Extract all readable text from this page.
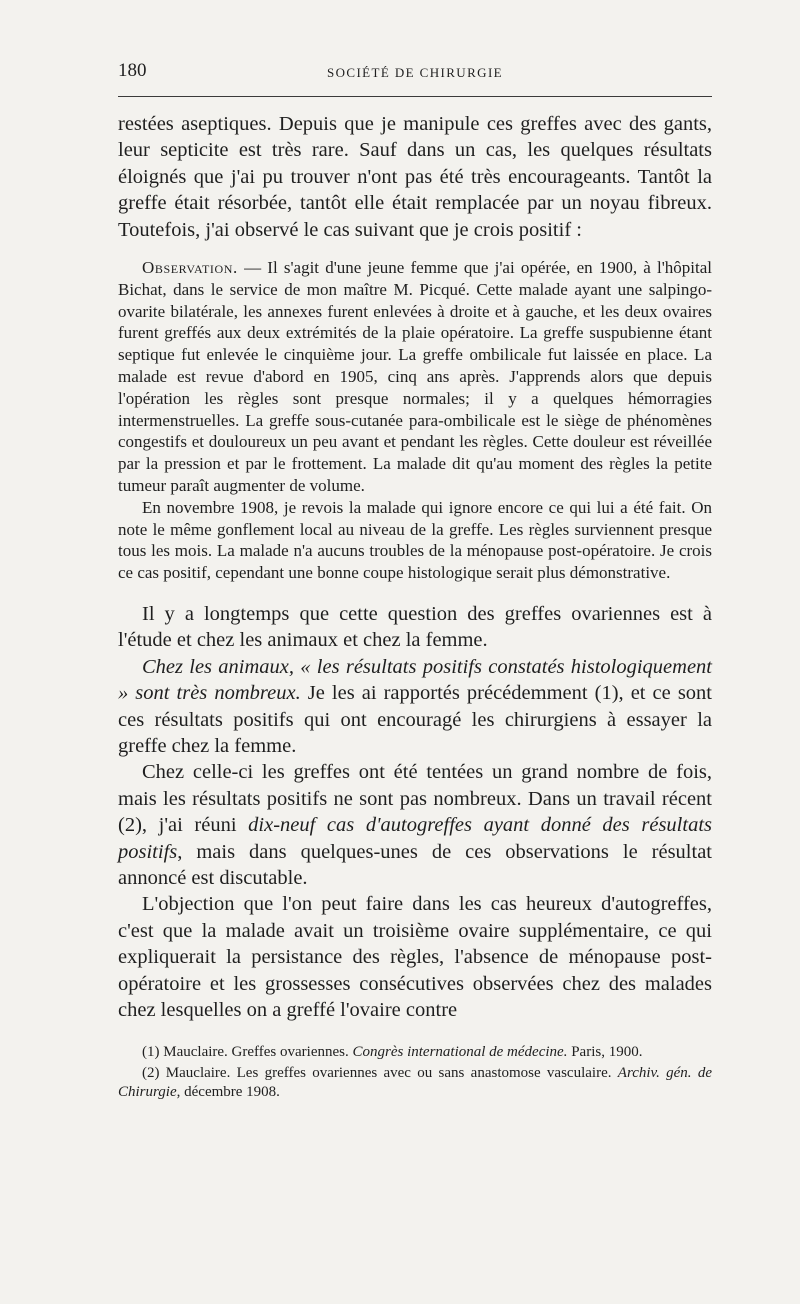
180	SOCIÉTÉ DE CHIRURGIE

restées aseptiques. Depuis que je manipule ces greffes avec des gants, leur septicite est très rare. Sauf dans un cas, les quelques résultats éloignés que j'ai pu trouver n'ont pas été très encourageants. Tantôt la greffe était résorbée, tantôt elle était remplacée par un noyau fibreux. Toutefois, j'ai observé le cas suivant que je crois positif :

Observation. — Il s'agit d'une jeune femme que j'ai opérée, en 1900, à l'hôpital Bichat, dans le service de mon maître M. Picqué. Cette malade ayant une salpingo-ovarite bilatérale, les annexes furent enlevées à droite et à gauche, et les deux ovaires furent greffés aux deux extrémités de la plaie opératoire. La greffe suspubienne étant septique fut enlevée le cinquième jour. La greffe ombilicale fut laissée en place. La malade est revue d'abord en 1905, cinq ans après. J'apprends alors que depuis l'opération les règles sont presque normales; il y a quelques hémorragies intermenstruelles. La greffe sous-cutanée para-ombilicale est le siège de phénomènes congestifs et douloureux un peu avant et pendant les règles. Cette douleur est réveillée par la pression et par le frottement. La malade dit qu'au moment des règles la petite tumeur paraît augmenter de volume.

En novembre 1908, je revois la malade qui ignore encore ce qui lui a été fait. On note le même gonflement local au niveau de la greffe. Les règles surviennent presque tous les mois. La malade n'a aucuns troubles de la ménopause post-opératoire. Je crois ce cas positif, cependant une bonne coupe histologique serait plus démonstrative.

Il y a longtemps que cette question des greffes ovariennes est à l'étude et chez les animaux et chez la femme.

Chez les animaux, « les résultats positifs constatés histologiquement » sont très nombreux. Je les ai rapportés précédemment (1), et ce sont ces résultats positifs qui ont encouragé les chirurgiens à essayer la greffe chez la femme.

Chez celle-ci les greffes ont été tentées un grand nombre de fois, mais les résultats positifs ne sont pas nombreux. Dans un travail récent (2), j'ai réuni dix-neuf cas d'autogreffes ayant donné des résultats positifs, mais dans quelques-unes de ces observations le résultat annoncé est discutable.

L'objection que l'on peut faire dans les cas heureux d'autogreffes, c'est que la malade avait un troisième ovaire supplémentaire, ce qui expliquerait la persistance des règles, l'absence de ménopause post-opératoire et les grossesses consécutives observées chez des malades chez lesquelles on a greffé l'ovaire contre

(1) Mauclaire. Greffes ovariennes. Congrès international de médecine. Paris, 1900.

(2) Mauclaire. Les greffes ovariennes avec ou sans anastomose vasculaire. Archiv. gén. de Chirurgie, décembre 1908.
